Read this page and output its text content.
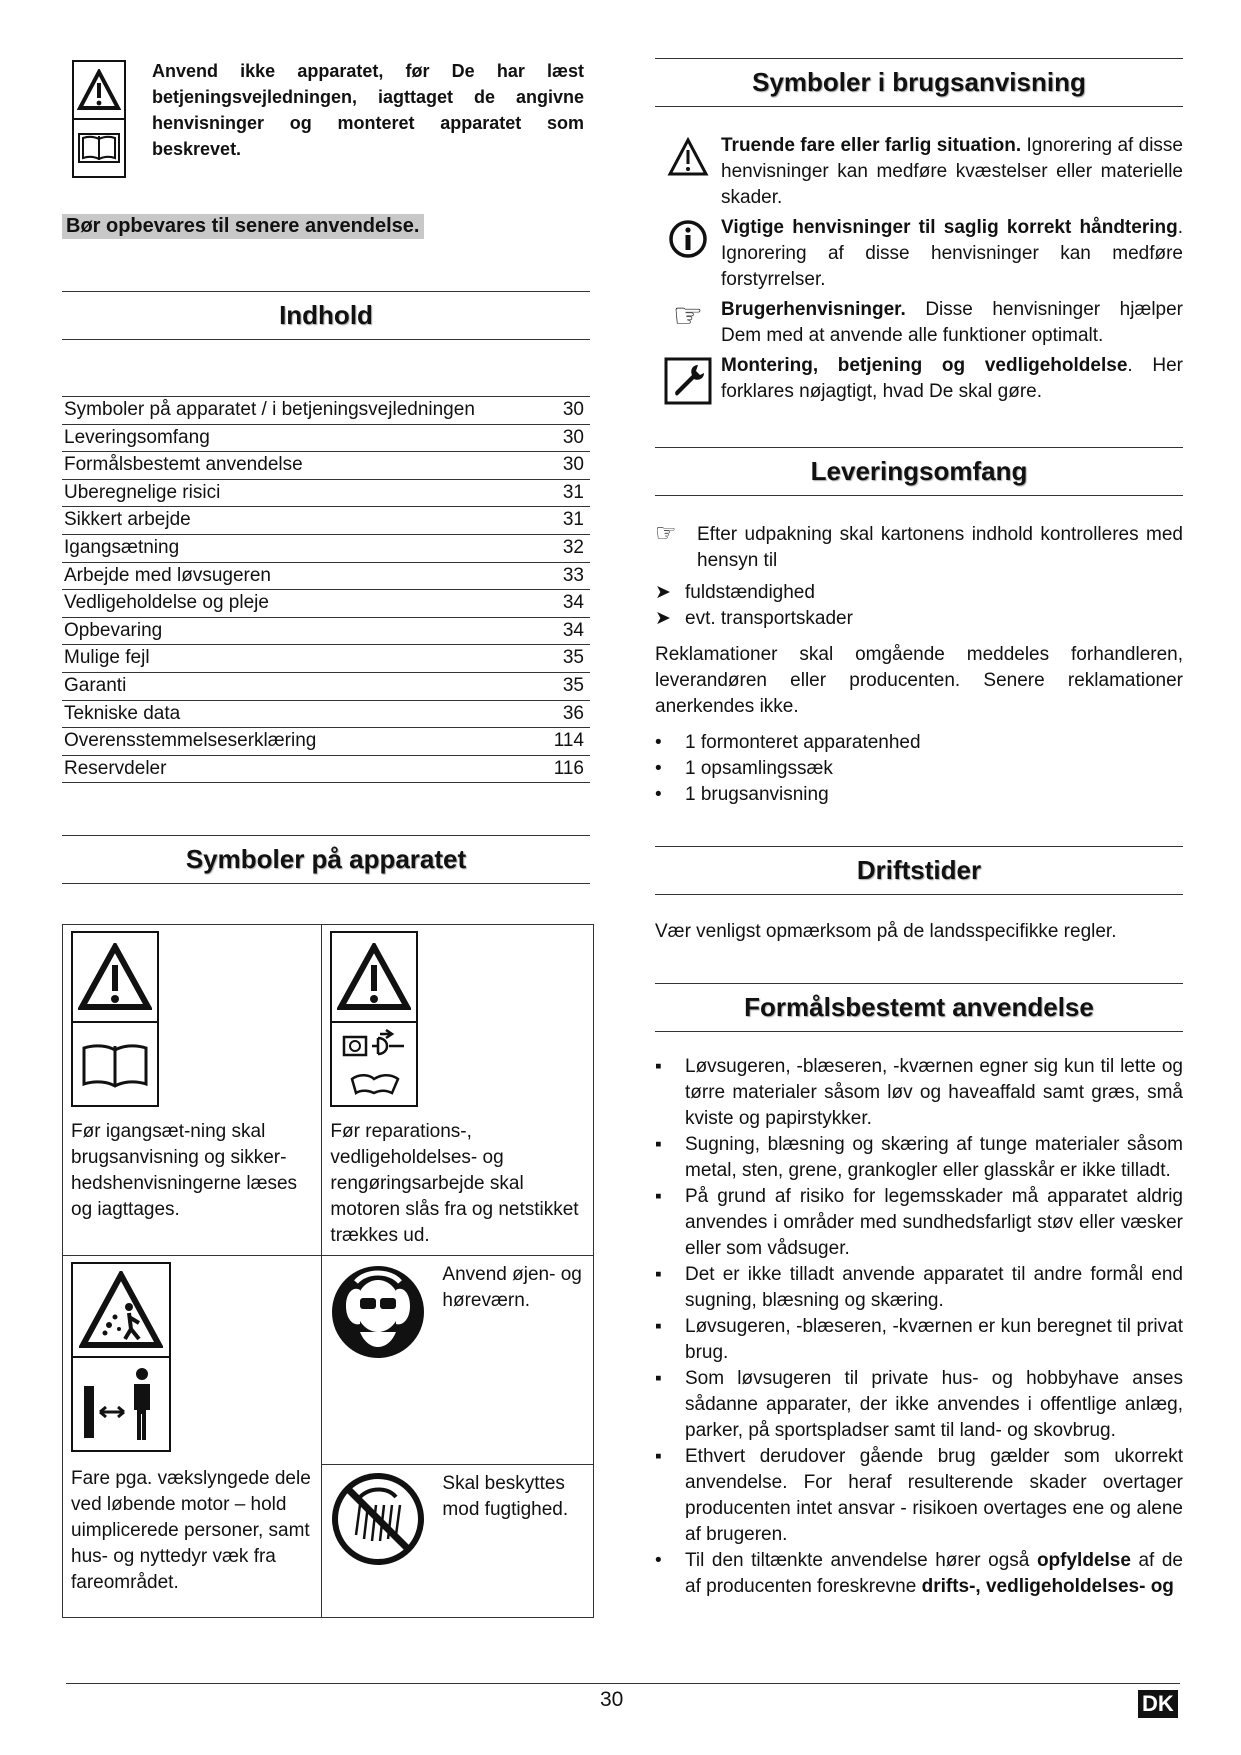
Anvend ikke apparatet, før De har læst betjeningsvejledningen, iagttaget de angivne henvisninger og monteret apparatet som beskrevet.
Bør opbevares til senere anvendelse.
Indhold
Symboler på apparatet / i betjeningsvejledningen	30
Leveringsomfang	30
Formålsbestemt anvendelse	30
Uberegnelige risici	31
Sikkert arbejde	31
Igangsætning	32
Arbejde med løvsugeren	33
Vedligeholdelse og pleje	34
Opbevaring	34
Mulige fejl	35
Garanti	35
Tekniske data	36
Overensstemmelseserklæring	114
Reservdeler	116
Symboler på apparatet
Før igangsæt-ning skal brugsanvisning og sikker-hedshenvisningerne læses og iagttages.	Før reparations-, vedligeholdelses- og rengøringsarbejde skal motoren slås fra og netstikket trækkes ud.

Fare pga. vækslyngede dele ved løbende motor – hold uimplicerede personer, samt hus- og nyttedyr væk fra fareområdet.	Anvend øjen- og høreværn.

	Skal beskyttes mod fugtighed.
Symboler i brugsanvisning
Truende fare eller farlig situation. Ignorering af disse henvisninger kan medføre kvæstelser eller materielle skader.
Vigtige henvisninger til saglig korrekt håndtering. Ignorering af disse henvisninger kan medføre forstyrrelser.
☞ Brugerhenvisninger. Disse henvisninger hjælper Dem med at anvende alle funktioner optimalt.
Montering, betjening og vedligeholdelse. Her forklares nøjagtigt, hvad De skal gøre.
Leveringsomfang
☞	Efter udpakning skal kartonens indhold kontrolleres med hensyn til
➤ fuldstændighed
➤ evt. transportskader
Reklamationer skal omgående meddeles forhandleren, leverandøren eller producenten. Senere reklamationer anerkendes ikke.
•	1 formonteret apparatenhed
•	1 opsamlingssæk
•	1 brugsanvisning
Driftstider
Vær venligst opmærksom på de landsspecifikke regler.
Formålsbestemt anvendelse
▪	Løvsugeren, -blæseren, -kværnen egner sig kun til lette og tørre materialer såsom løv og haveaffald samt græs, små kviste og papirstykker.
▪	Sugning, blæsning og skæring af tunge materialer såsom metal, sten, grene, grankogler eller glasskår er ikke tilladt.
▪	På grund af risiko for legemsskader må apparatet aldrig anvendes i områder med sundhedsfarligt støv eller væsker eller som vådsuger.
▪	Det er ikke tilladt anvende apparatet til andre formål end sugning, blæsning og skæring.
▪	Løvsugeren, -blæseren, -kværnen er kun beregnet til privat brug.
▪	Som løvsugeren til private hus- og hobbyhave anses sådanne apparater, der ikke anvendes i offentlige anlæg, parker, på sportspladser samt til land- og skovbrug.
▪	Ethvert derudover gående brug gælder som ukorrekt anvendelse. For heraf resulterende skader overtager producenten intet ansvar - risikoen overtages ene og alene af brugeren.
•	Til den tiltænkte anvendelse hører også opfyldelse af de af producenten foreskrevne drifts-, vedligeholdelses- og
30	DK
